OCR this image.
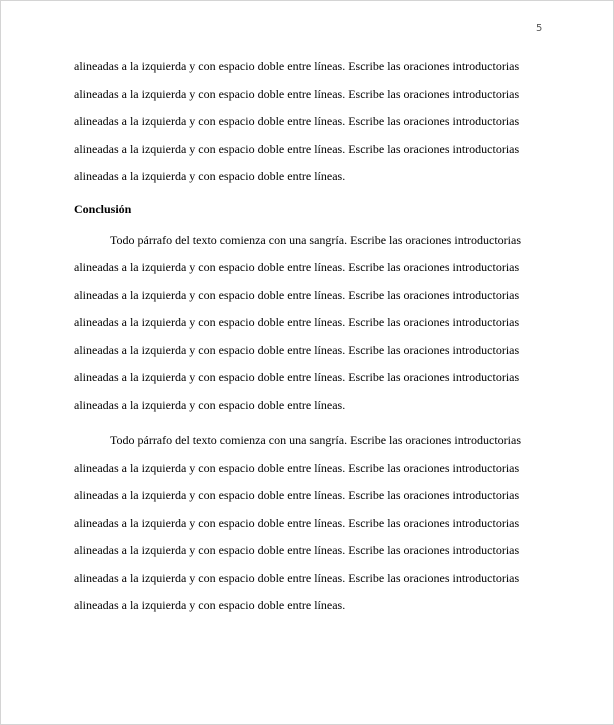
5
alineadas a la izquierda y con espacio doble entre líneas. Escribe las oraciones introductorias
alineadas a la izquierda y con espacio doble entre líneas. Escribe las oraciones introductorias
alineadas a la izquierda y con espacio doble entre líneas. Escribe las oraciones introductorias
alineadas a la izquierda y con espacio doble entre líneas. Escribe las oraciones introductorias
alineadas a la izquierda y con espacio doble entre líneas.
Conclusión
Todo párrafo del texto comienza con una sangría. Escribe las oraciones introductorias
alineadas a la izquierda y con espacio doble entre líneas. Escribe las oraciones introductorias
alineadas a la izquierda y con espacio doble entre líneas. Escribe las oraciones introductorias
alineadas a la izquierda y con espacio doble entre líneas. Escribe las oraciones introductorias
alineadas a la izquierda y con espacio doble entre líneas. Escribe las oraciones introductorias
alineadas a la izquierda y con espacio doble entre líneas. Escribe las oraciones introductorias
alineadas a la izquierda y con espacio doble entre líneas.
Todo párrafo del texto comienza con una sangría. Escribe las oraciones introductorias
alineadas a la izquierda y con espacio doble entre líneas. Escribe las oraciones introductorias
alineadas a la izquierda y con espacio doble entre líneas. Escribe las oraciones introductorias
alineadas a la izquierda y con espacio doble entre líneas. Escribe las oraciones introductorias
alineadas a la izquierda y con espacio doble entre líneas. Escribe las oraciones introductorias
alineadas a la izquierda y con espacio doble entre líneas. Escribe las oraciones introductorias
alineadas a la izquierda y con espacio doble entre líneas.
